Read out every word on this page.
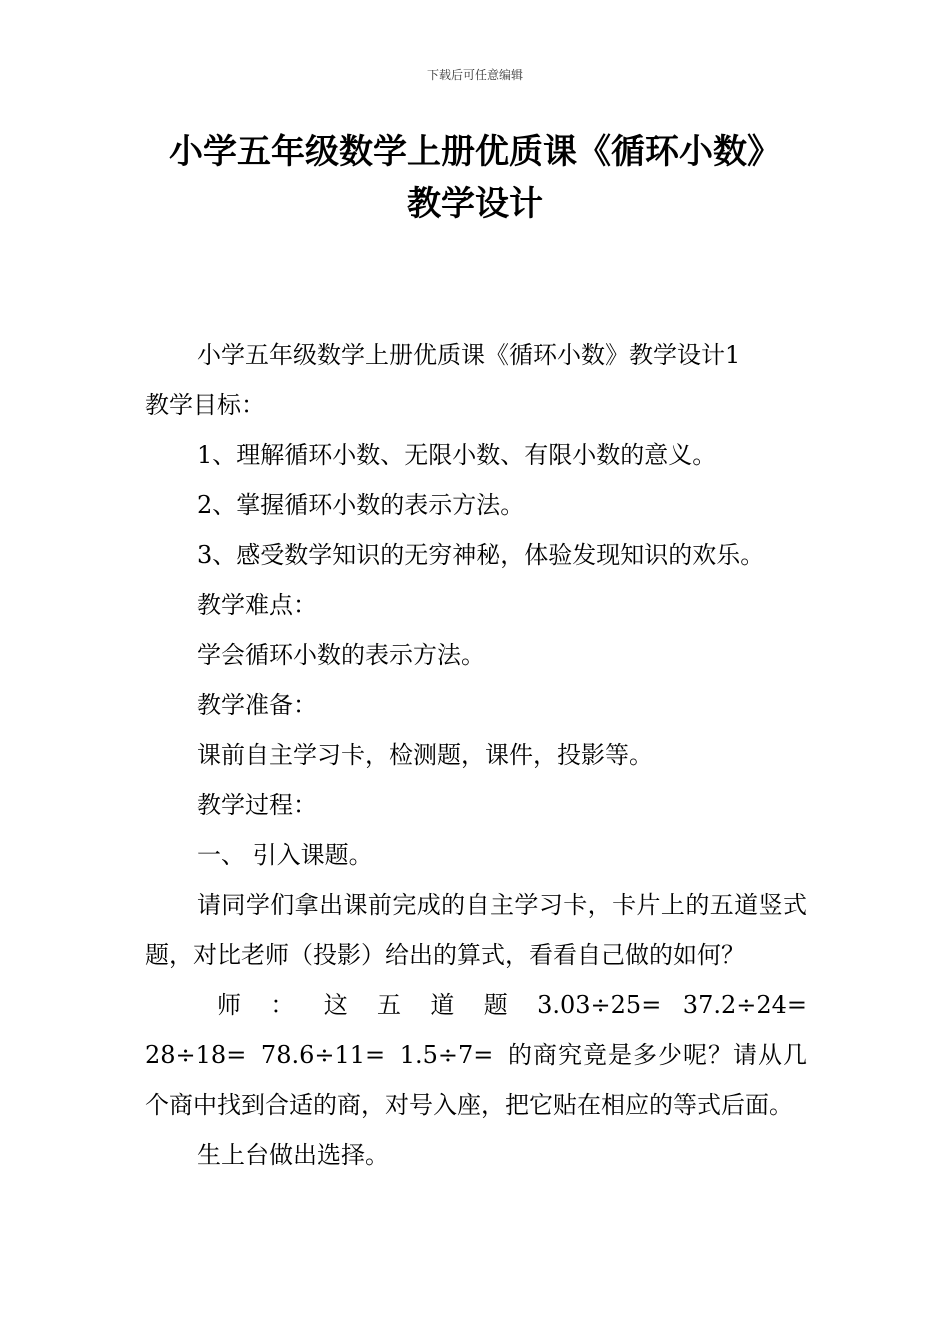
下载后可任意编辑
小学五年级数学上册优质课《循环小数》
教学设计

小学五年级数学上册优质课《循环小数》教学设计1

教学目标：

1、理解循环小数、无限小数、有限小数的意义。

2、掌握循环小数的表示方法。

3、感受数学知识的无穷神秘，体验发现知识的欢乐。

教学难点：

学会循环小数的表示方法。

教学准备：

课前自主学习卡，检测题，课件，投影等。

教学过程：

一、 引入课题。

请同学们拿出课前完成的自主学习卡，卡片上的五道竖式题，对比老师（投影）给出的算式，看看自己做的如何？

师 ： 这 五 道 题 3.03÷25= 37.2÷24= 28÷18= 78.6÷11= 1.5÷7= 的商究竟是多少呢？请从几个商中找到合适的商，对号入座，把它贴在相应的等式后面。

生上台做出选择。
